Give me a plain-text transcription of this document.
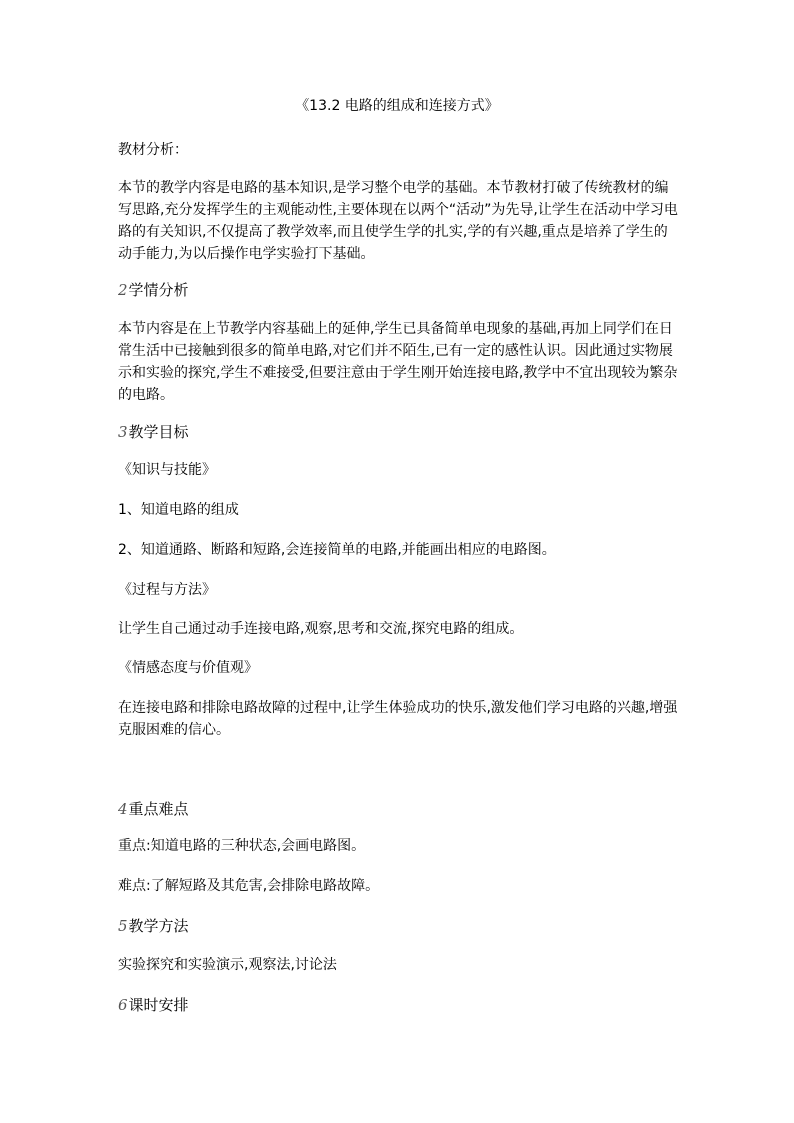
《13.2 电路的组成和连接方式》
教材分析：
本节的教学内容是电路的基本知识,是学习整个电学的基础。本节教材打破了传统教材的编写思路,充分发挥学生的主观能动性,主要体现在以两个“活动”为先导,让学生在活动中学习电路的有关知识,不仅提高了教学效率,而且使学生学的扎实,学的有兴趣,重点是培养了学生的动手能力,为以后操作电学实验打下基础。
2学情分析
本节内容是在上节教学内容基础上的延伸,学生已具备简单电现象的基础,再加上同学们在日常生活中已接触到很多的简单电路,对它们并不陌生,已有一定的感性认识。因此通过实物展示和实验的探究,学生不难接受,但要注意由于学生刚开始连接电路,教学中不宜出现较为繁杂的电路。
3教学目标
《知识与技能》
1、知道电路的组成
2、知道通路、断路和短路,会连接简单的电路,并能画出相应的电路图。
《过程与方法》
让学生自己通过动手连接电路,观察,思考和交流,探究电路的组成。
《情感态度与价值观》
在连接电路和排除电路故障的过程中,让学生体验成功的快乐,激发他们学习电路的兴趣,增强克服困难的信心。
4重点难点
重点:知道电路的三种状态,会画电路图。
难点:了解短路及其危害,会排除电路故障。
5教学方法
实验探究和实验演示,观察法,讨论法
6课时安排
